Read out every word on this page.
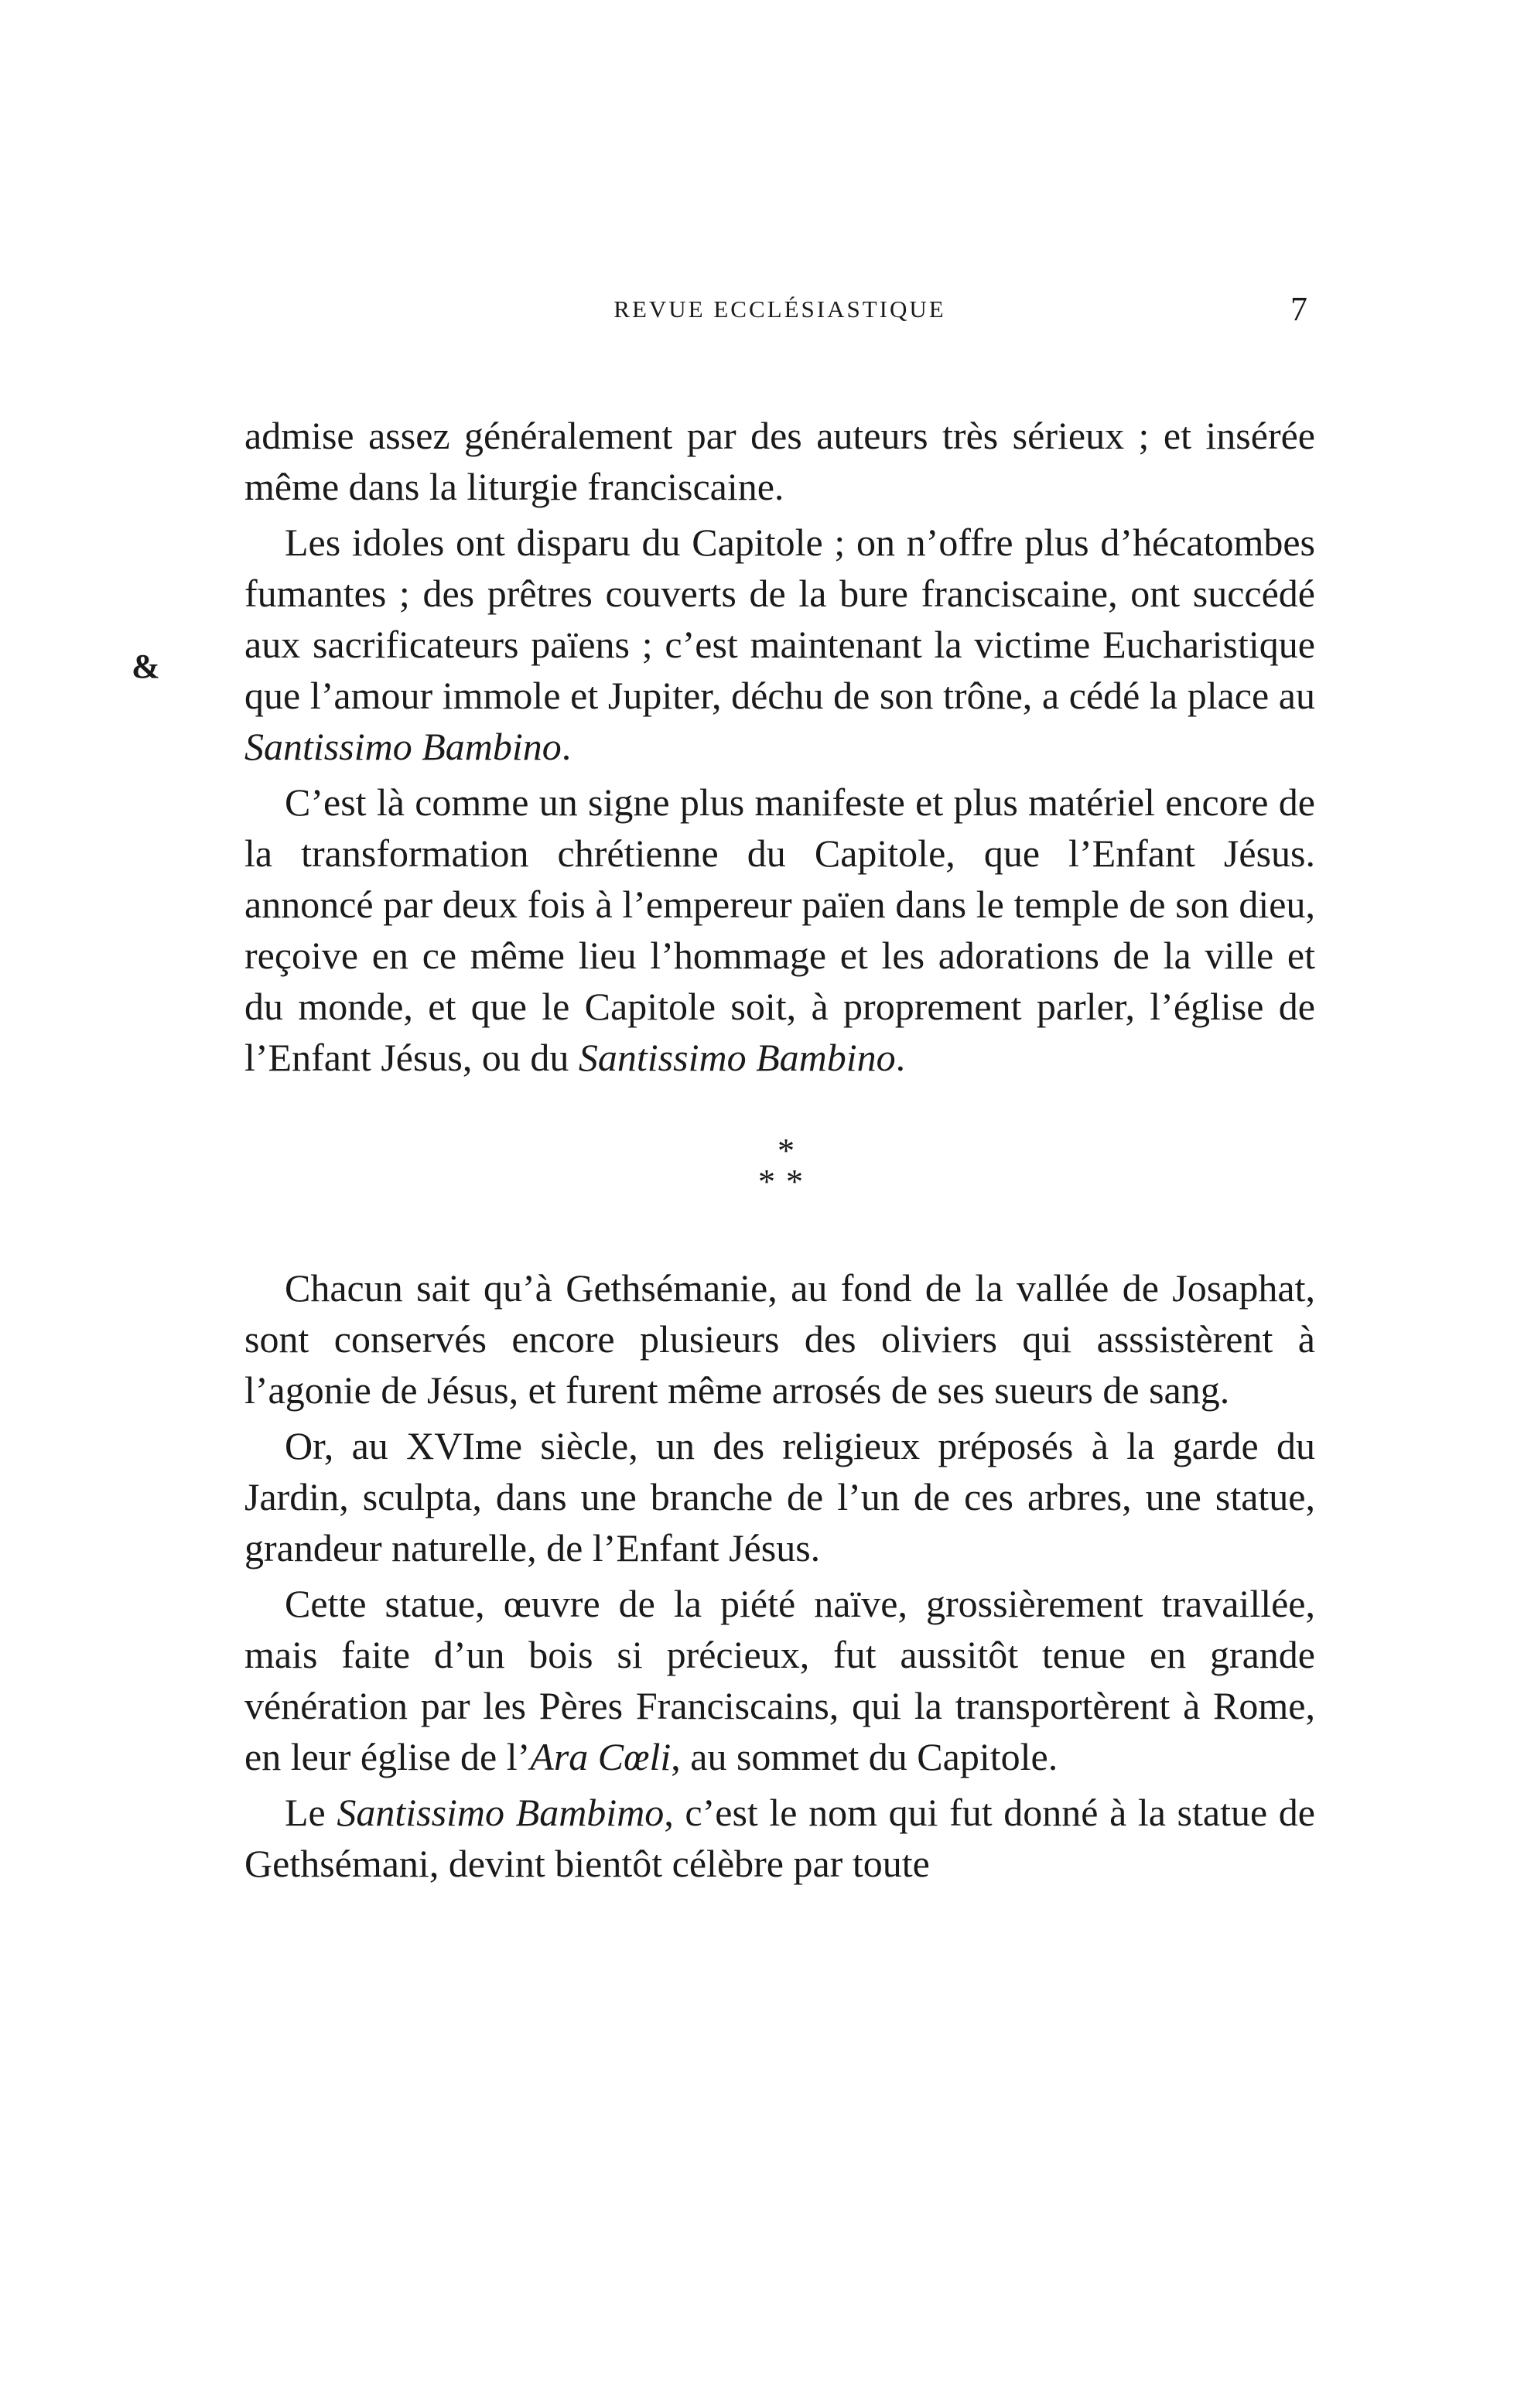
REVUE ECCLÉSIASTIQUE	7
&

admise assez généralement par des auteurs très sérieux ; et insérée même dans la liturgie franciscaine.

Les idoles ont disparu du Capitole ; on n’offre plus d’hécatombes fumantes ; des prêtres couverts de la bure franciscaine, ont succédé aux sacrificateurs païens ; c’est maintenant la victime Eucharistique que l’amour immole et Jupiter, déchu de son trône, a cédé la place au Santissimo Bambino.

C’est là comme un signe plus manifeste et plus matériel encore de la transformation chrétienne du Capitole, que l’Enfant Jésus. annoncé par deux fois à l’empereur païen dans le temple de son dieu, reçoive en ce même lieu l’hommage et les adorations de la ville et du monde, et que le Capitole soit, à proprement parler, l’église de l’Enfant Jésus, ou du Santissimo Bambino.

*
**

Chacun sait qu’à Gethsémanie, au fond de la vallée de Josaphat, sont conservés encore plusieurs des oliviers qui asssistèrent à l’agonie de Jésus, et furent même arrosés de ses sueurs de sang.

Or, au XVIme siècle, un des religieux préposés à la garde du Jardin, sculpta, dans une branche de l’un de ces arbres, une statue, grandeur naturelle, de l’Enfant Jésus.

Cette statue, œuvre de la piété naïve, grossièrement travaillée, mais faite d’un bois si précieux, fut aussitôt tenue en grande vénération par les Pères Franciscains, qui la transportèrent à Rome, en leur église de l’Ara Cœli, au sommet du Capitole.

Le Santissimo Bambimo, c’est le nom qui fut donné à la statue de Gethsémani, devint bientôt célèbre par toute
